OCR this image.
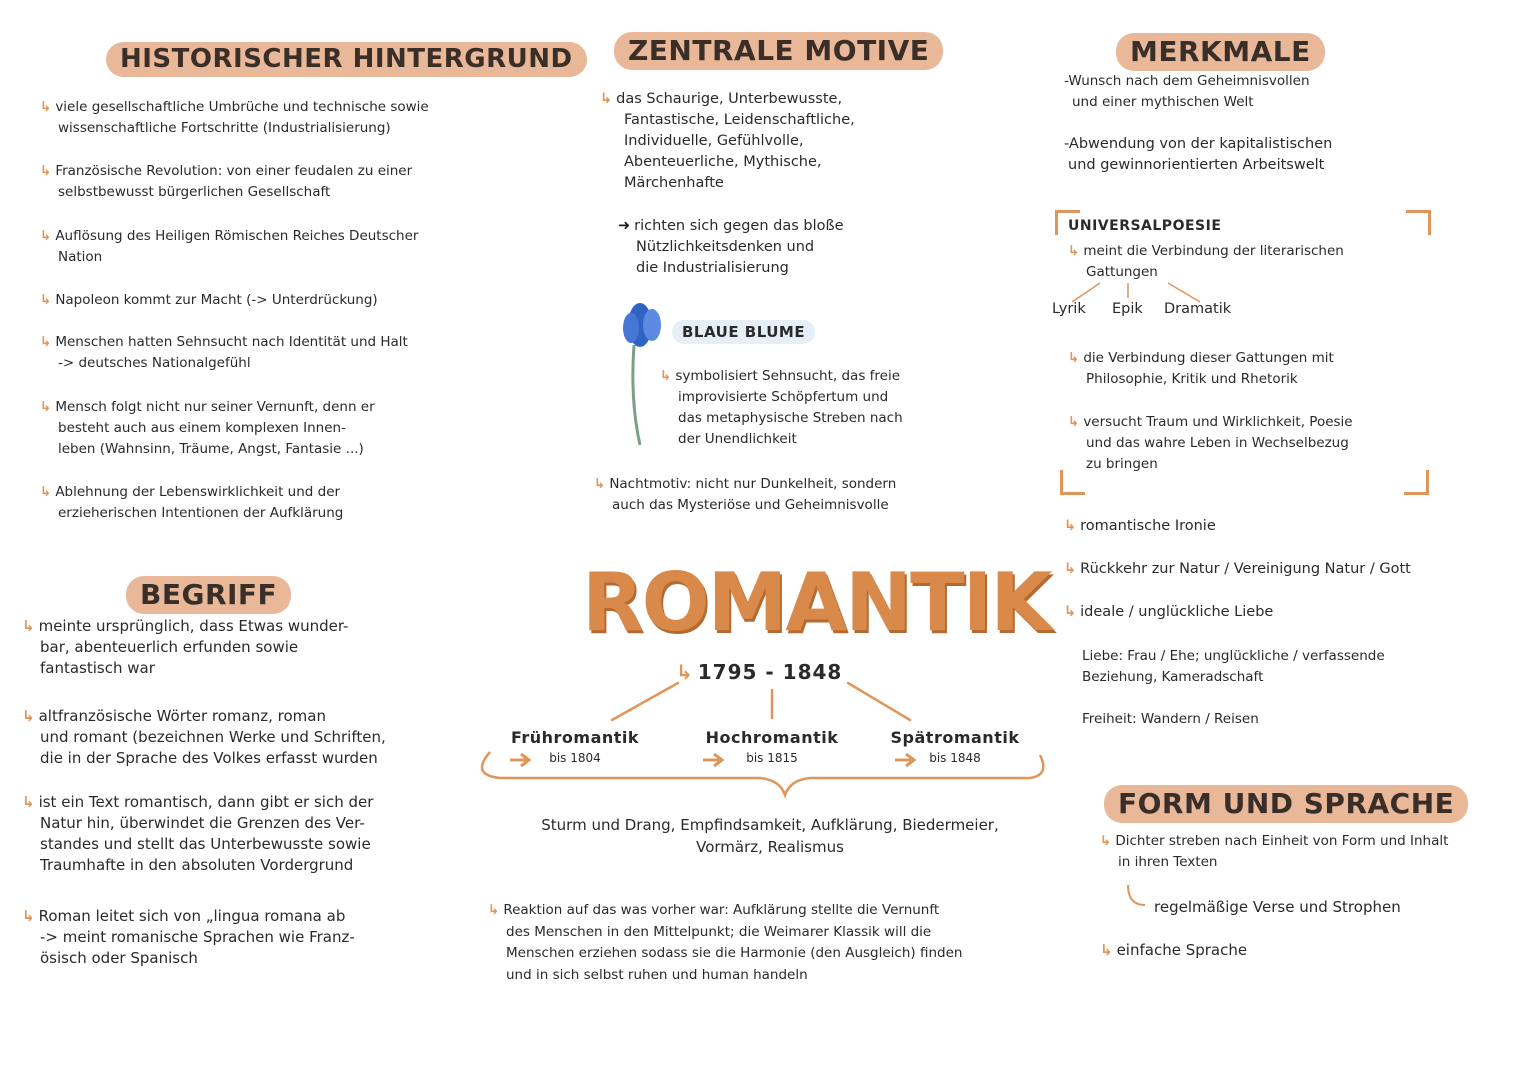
HISTORISCHER HINTERGRUND
↳ viele gesellschaftliche Umbrüche und technische sowie
wissenschaftliche Fortschritte (Industrialisierung)
↳ Französische Revolution: von einer feudalen zu einer
selbstbewusst bürgerlichen Gesellschaft
↳ Auflösung des Heiligen Römischen Reiches Deutscher
Nation
↳ Napoleon kommt zur Macht (-> Unterdrückung)
↳ Menschen hatten Sehnsucht nach Identität und Halt
-> deutsches Nationalgefühl
↳ Mensch folgt nicht nur seiner Vernunft, denn er
besteht auch aus einem komplexen Innen-
leben (Wahnsinn, Träume, Angst, Fantasie ...)
↳ Ablehnung der Lebenswirklichkeit und der
erzieherischen Intentionen der Aufklärung
BEGRIFF
↳ meinte ursprünglich, dass Etwas wunder-
bar, abenteuerlich erfunden sowie
fantastisch war
↳ altfranzösische Wörter romanz, roman
und romant (bezeichnen Werke und Schriften,
die in der Sprache des Volkes erfasst wurden
↳ ist ein Text romantisch, dann gibt er sich der
Natur hin, überwindet die Grenzen des Ver-
standes und stellt das Unterbewusste sowie
Traumhafte in den absoluten Vordergrund
↳ Roman leitet sich von „lingua romana ab
-> meint romanische Sprachen wie Franz-
ösisch oder Spanisch
ZENTRALE MOTIVE
↳ das Schaurige, Unterbewusste,
Fantastische, Leidenschaftliche,
Individuelle, Gefühlvolle,
Abenteuerliche, Mythische,
Märchenhafte
➜ richten sich gegen das bloße
Nützlichkeitsdenken und
die Industrialisierung
BLAUE BLUME
↳ symbolisiert Sehnsucht, das freie
improvisierte Schöpfertum und
das metaphysische Streben nach
der Unendlichkeit
↳ Nachtmotiv: nicht nur Dunkelheit, sondern
auch das Mysteriöse und Geheimnisvolle
ROMANTIK
↳ 1795 - 1848
Frühromantik
bis 1804
Hochromantik
bis 1815
Spätromantik
bis 1848
Sturm und Drang, Empfindsamkeit, Aufklärung, Biedermeier,
Vormärz, Realismus
↳ Reaktion auf das was vorher war: Aufklärung stellte die Vernunft
des Menschen in den Mittelpunkt; die Weimarer Klassik will die
Menschen erziehen sodass sie die Harmonie (den Ausgleich) finden
und in sich selbst ruhen und human handeln
MERKMALE
-Wunsch nach dem Geheimnisvollen
und einer mythischen Welt
-Abwendung von der kapitalistischen
und gewinnorientierten Arbeitswelt
UNIVERSALPOESIE
↳ meint die Verbindung der literarischen
Gattungen
Lyrik Epik Dramatik
↳ die Verbindung dieser Gattungen mit
Philosophie, Kritik und Rhetorik
↳ versucht Traum und Wirklichkeit, Poesie
und das wahre Leben in Wechselbezug
zu bringen
↳ romantische Ironie
↳ Rückkehr zur Natur / Vereinigung Natur / Gott
↳ ideale / unglückliche Liebe
Liebe: Frau / Ehe; unglückliche / verfassende
Beziehung, Kameradschaft
Freiheit: Wandern / Reisen
FORM UND SPRACHE
↳ Dichter streben nach Einheit von Form und Inhalt
in ihren Texten
regelmäßige Verse und Strophen
↳ einfache Sprache
